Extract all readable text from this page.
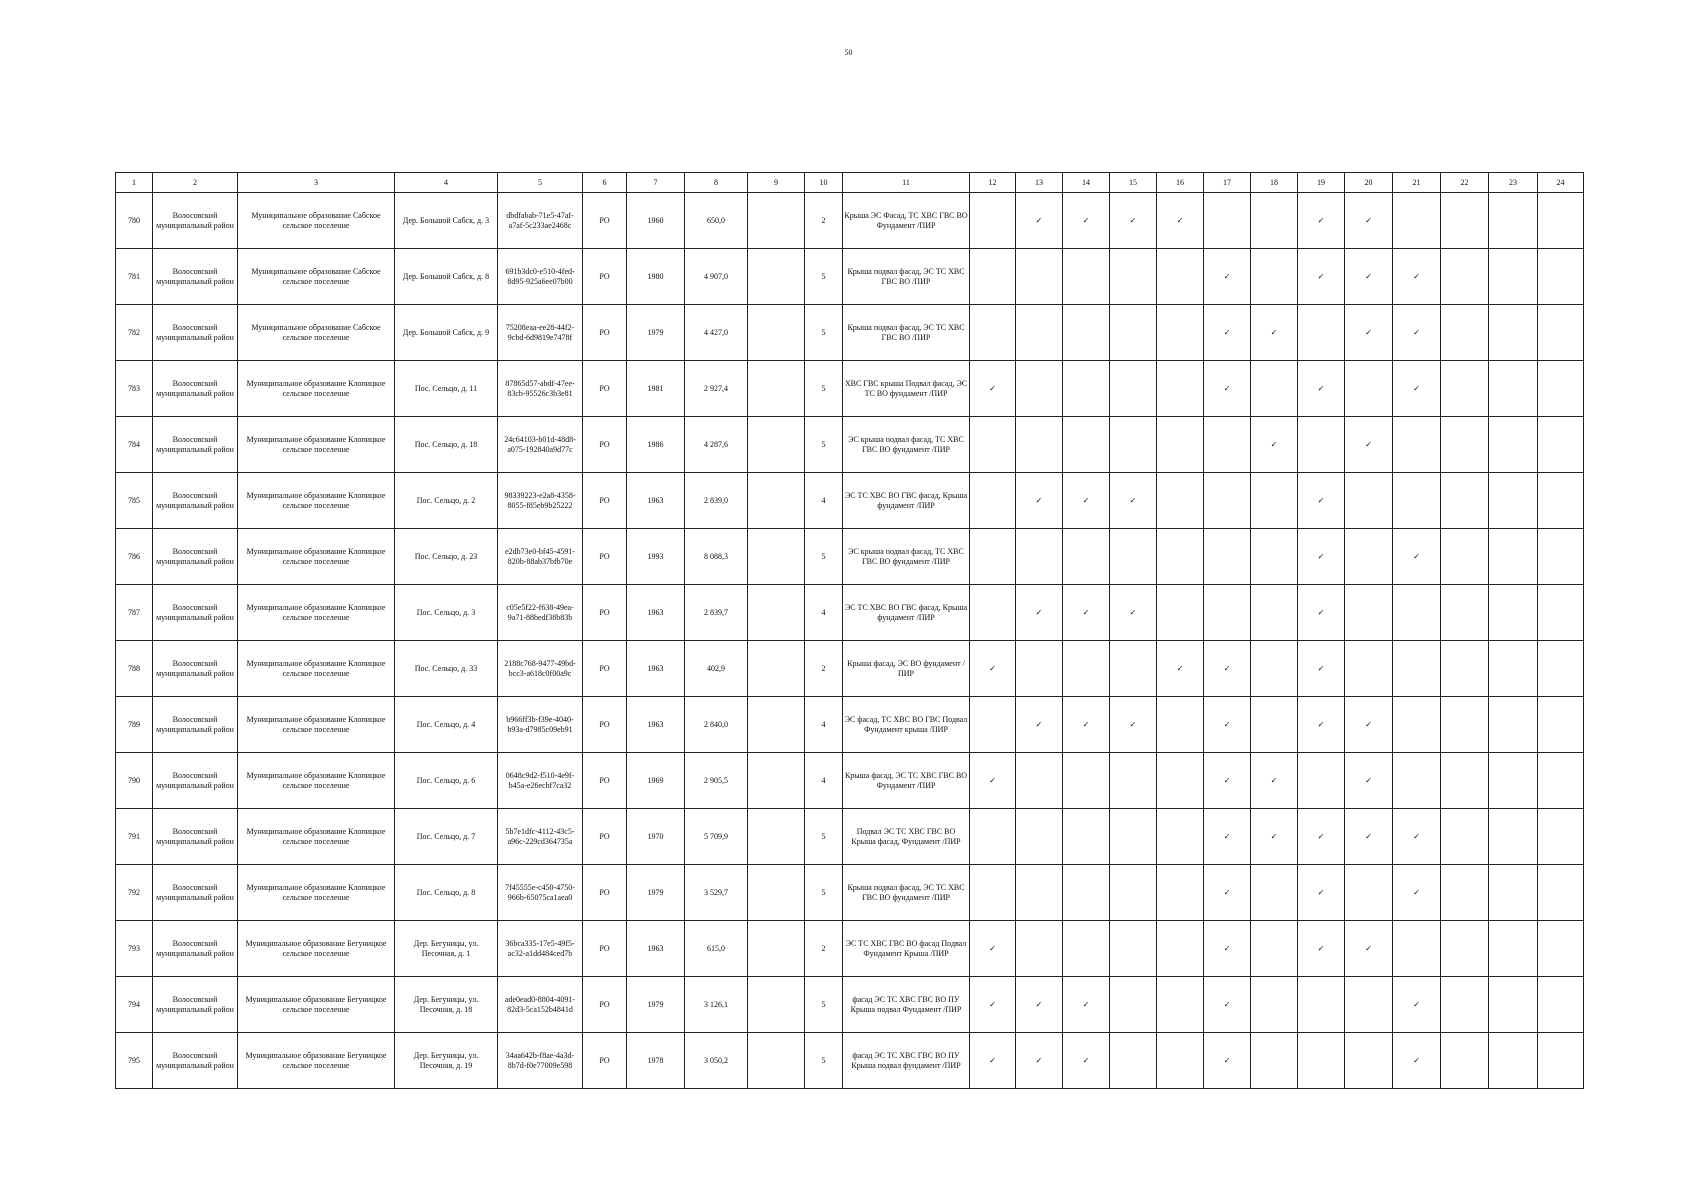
50
1	2	3	4	5	6	7	8	9	10	11	12	13	14	15	16	17	18	19	20	21	22	23	24
780	Волосовский муниципальный район	Муниципальное образование Сабское сельское поселение	Дер. Большой Сабск, д. 3	dbdfabab-71e5-47af-a7af-5c233ae2468c	РО	1960	650,0		2	Крыша ЭС Фасад, ТС ХВС ГВС ВО Фундамент /ПИР		✓	✓	✓	✓			✓	✓				
781	Волосовский муниципальный район	Муниципальное образование Сабское сельское поселение	Дер. Большой Сабск, д. 8	691b3dc0-e510-4fed-8d95-925a6ee07b00	РО	1980	4 907,0		5	Крыша подвал фасад, ЭС ТС ХВС ГВС ВО /ПИР						✓		✓	✓	✓			
782	Волосовский муниципальный район	Муниципальное образование Сабское сельское поселение	Дер. Большой Сабск, д. 9	75208eaa-ee28-44f2-9cbd-6d9819e7478f	РО	1979	4 427,0		5	Крыша подвал фасад, ЭС ТС ХВС ГВС ВО /ПИР						✓	✓		✓	✓			
783	Волосовский муниципальный район	Муниципальное образование Клопицкое сельское поселение	Пос. Сельцо, д. 11	87865d57-abdf-47ee-83cb-95526c3b3e81	РО	1981	2 927,4		5	ХВС ГВС крыша Подвал фасад, ЭС ТС ВО фундамент /ПИР	✓					✓		✓		✓			
784	Волосовский муниципальный район	Муниципальное образование Клопицкое сельское поселение	Пос. Сельцо, д. 18	24c64103-b01d-48d8-a075-192840a9d77c	РО	1986	4 287,6		5	ЭС крыша подвал фасад, ТС ХВС ГВС ВО фундамент /ПИР							✓		✓				
785	Волосовский муниципальный район	Муниципальное образование Клопицкое сельское поселение	Пос. Сельцо, д. 2	98339223-e2a8-4358-8055-f85eb9b25222	РО	1963	2 839,0		4	ЭС ТС ХВС ВО ГВС фасад, Крыша фундамент /ПИР		✓	✓	✓				✓					
786	Волосовский муниципальный район	Муниципальное образование Клопицкое сельское поселение	Пос. Сельцо, д. 23	e2db73e0-bf45-4591-820b-88ab37bfb70e	РО	1993	8 088,3		5	ЭС крыша подвал фасад, ТС ХВС ГВС ВО фундамент /ПИР								✓		✓			
787	Волосовский муниципальный район	Муниципальное образование Клопицкое сельское поселение	Пос. Сельцо, д. 3	c05e5f22-f638-49ea-9a71-88bedf38b83b	РО	1963	2 839,7		4	ЭС ТС ХВС ВО ГВС фасад, Крыша фундамент /ПИР		✓	✓	✓				✓					
788	Волосовский муниципальный район	Муниципальное образование Клопицкое сельское поселение	Пос. Сельцо, д. 33	2188c768-9477-49bd-bcc3-a618c0f00a9c	РО	1963	402,9		2	Крыша фасад, ЭС ВО фундамент /ПИР	✓				✓	✓		✓					
789	Волосовский муниципальный район	Муниципальное образование Клопицкое сельское поселение	Пос. Сельцо, д. 4	b966ff3b-f39e-4040-b93a-d7985c09eb91	РО	1963	2 840,0		4	ЭС фасад, ТС ХВС ВО ГВС Подвал Фундамент крыша /ПИР		✓	✓	✓		✓		✓	✓				
790	Волосовский муниципальный район	Муниципальное образование Клопицкое сельское поселение	Пос. Сельцо, д. 6	0648c9d2-f510-4e9f-b45a-e26ecbf7ca32	РО	1969	2 905,5		4	Крыша фасад, ЭС ТС ХВС ГВС ВО Фундамент /ПИР	✓					✓	✓		✓				
791	Волосовский муниципальный район	Муниципальное образование Клопицкое сельское поселение	Пос. Сельцо, д. 7	5b7e1dfc-4112-43c5-a96c-229cd364735a	РО	1970	5 709,9		5	Подвал ЭС ТС ХВС ГВС ВО Крыша фасад, Фундамент /ПИР						✓	✓	✓	✓	✓			
792	Волосовский муниципальный район	Муниципальное образование Клопицкое сельское поселение	Пос. Сельцо, д. 8	7f45555e-c450-4750-966b-65075ca1aea0	РО	1979	3 529,7		5	Крыша подвал фасад, ЭС ТС ХВС ГВС ВО фундамент /ПИР						✓		✓		✓			
793	Волосовский муниципальный район	Муниципальное образование Бегуницкое сельское поселение	Дер. Бегуницы, ул. Песочная, д. 1	36bca335-17e5-49f5-ac32-a1dd484ced7b	РО	1963	615,0		2	ЭС ТС ХВС ГВС ВО фасад Подвал Фундамент Крыша /ПИР	✓					✓		✓	✓				
794	Волосовский муниципальный район	Муниципальное образование Бегуницкое сельское поселение	Дер. Бегуницы, ул. Песочная, д. 18	ade0ead0-8804-4091-82d3-5ca152b4841d	РО	1979	3 126,1		5	фасад ЭС ТС ХВС ГВС ВО ПУ Крыша подвал Фундамент /ПИР	✓	✓	✓			✓				✓			
795	Волосовский муниципальный район	Муниципальное образование Бегуницкое сельское поселение	Дер. Бегуницы, ул. Песочная, д. 19	34aa642b-f8ae-4a3d-8b7d-f0e77009e598	РО	1978	3 050,2		5	фасад ЭС ТС ХВС ГВС ВО ПУ Крыша подвал фундамент /ПИР	✓	✓	✓			✓				✓			
